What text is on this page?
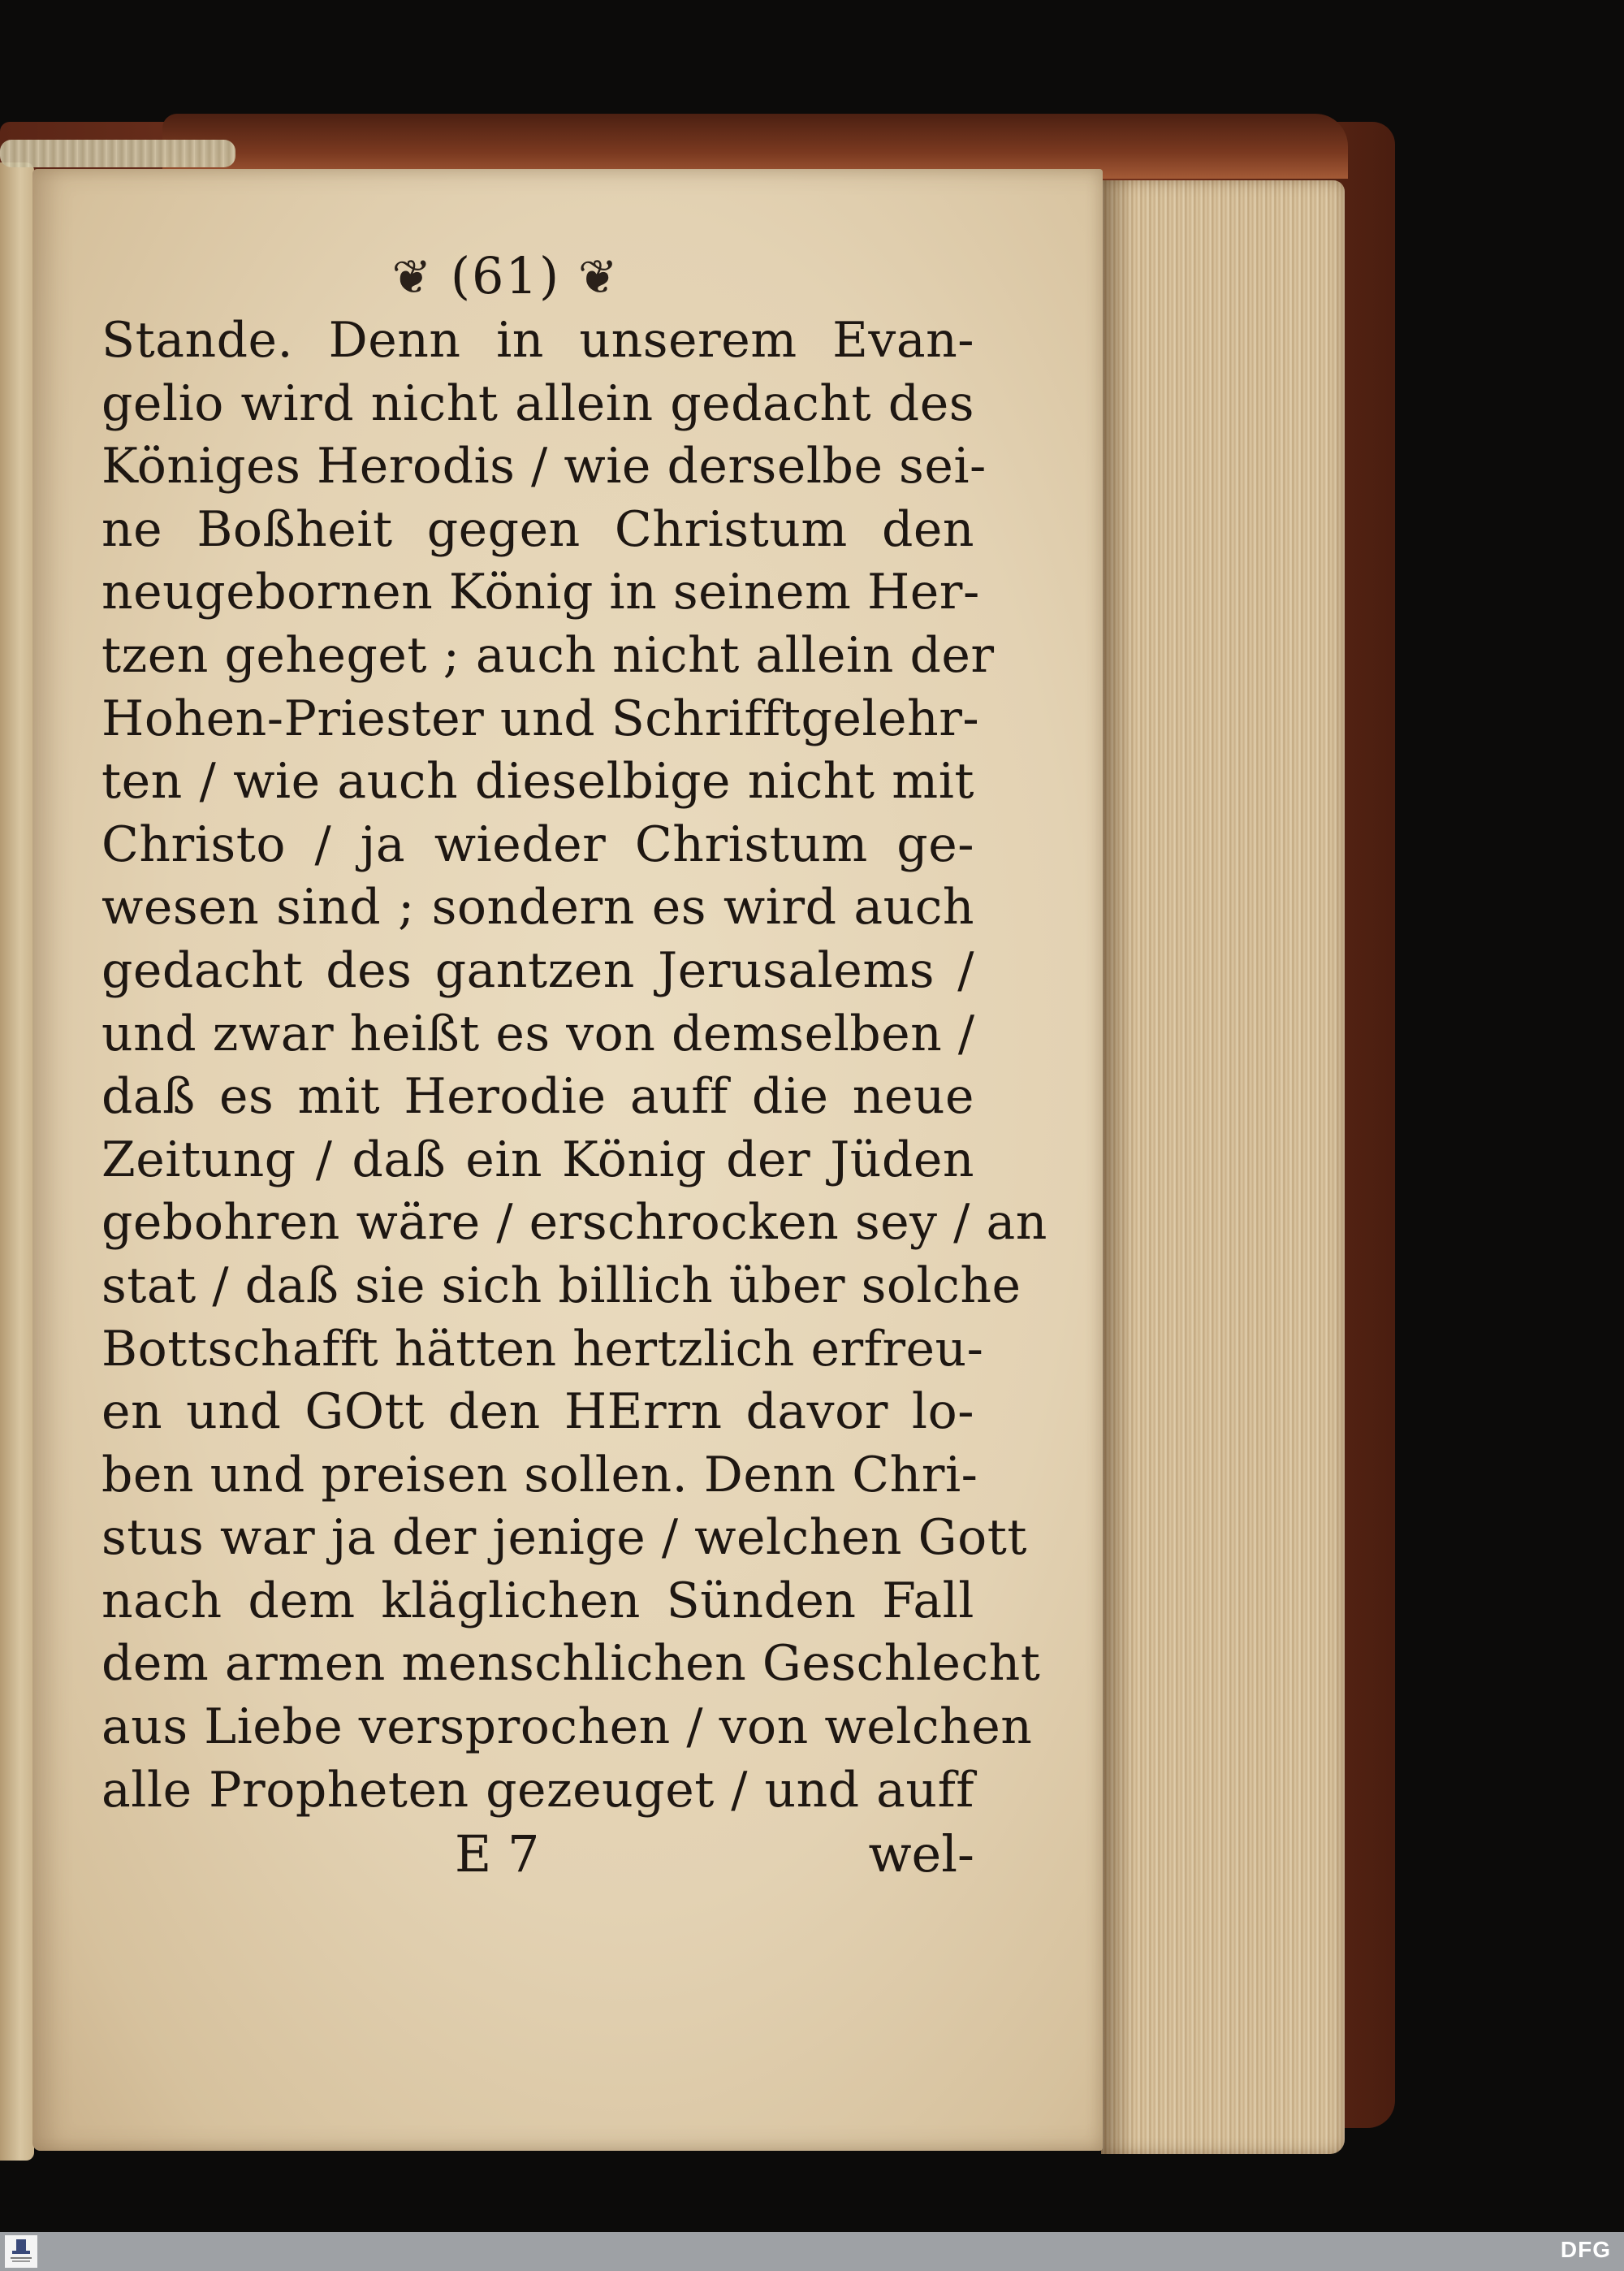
❦ (61) ❦
Stande. Denn in unserem Evan-
gelio wird nicht allein gedacht des
Königes Herodis / wie derselbe sei-
ne Boßheit gegen Christum den
neugebornen König in seinem Her-
tzen geheget ; auch nicht allein der
Hohen-Priester und Schrifftgelehr-
ten / wie auch dieselbige nicht mit
Christo / ja wieder Christum ge-
wesen sind ; sondern es wird auch
gedacht des gantzen Jerusalems /
und zwar heißt es von demselben /
daß es mit Herodie auff die neue
Zeitung / daß ein König der Jüden
gebohren wäre / erschrocken sey / an
stat / daß sie sich billich über solche
Bottschafft hätten hertzlich erfreu-
en und GOtt den HErrn davor lo-
ben und preisen sollen. Denn Chri-
stus war ja der jenige / welchen Gott
nach dem kläglichen Sünden Fall
dem armen menschlichen Geschlecht
aus Liebe versprochen / von welchen
alle Propheten gezeuget / und auff
E 7	wel-
DFG
